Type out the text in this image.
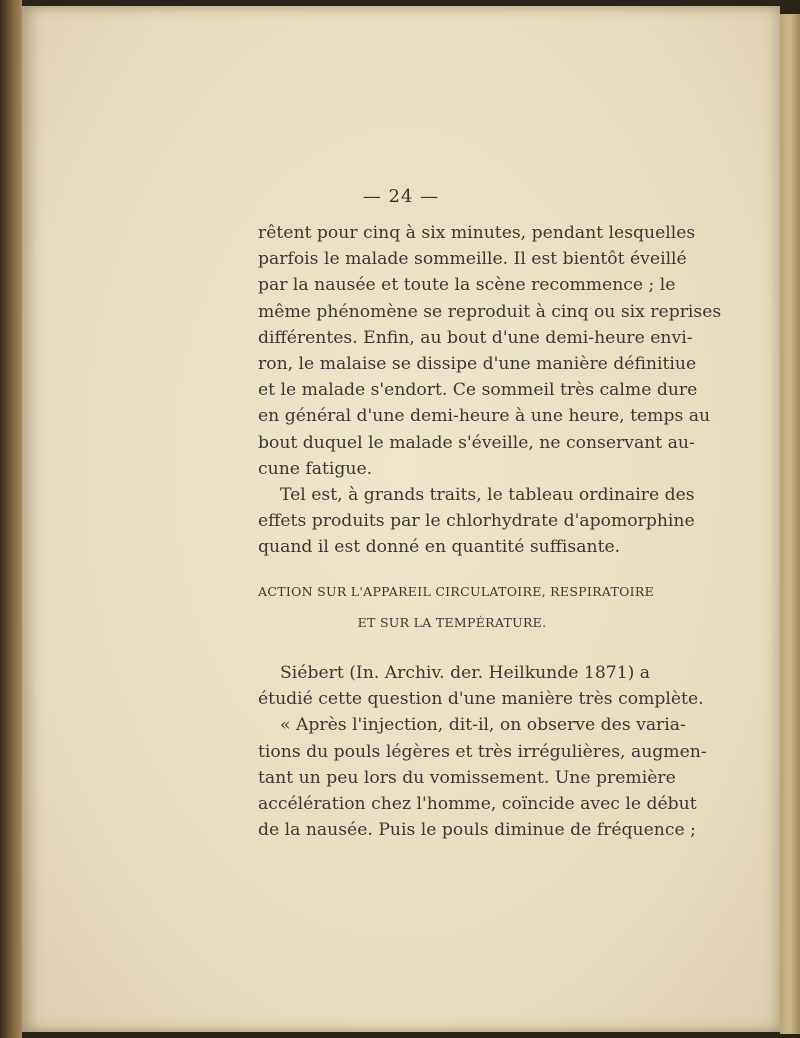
— 24 —
rêtent pour cinq à six minutes, pendant lesquelles
parfois le malade sommeille. Il est bientôt éveillé
par la nausée et toute la scène recommence ; le
même phénomène se reproduit à cinq ou six reprises
différentes. Enfin, au bout d'une demi-heure envi-
ron, le malaise se dissipe d'une manière définitiue
et le malade s'endort. Ce sommeil très calme dure
en général d'une demi-heure à une heure, temps au
bout duquel le malade s'éveille, ne conservant au-
cune fatigue.
Tel est, à grands traits, le tableau ordinaire des
effets produits par le chlorhydrate d'apomorphine
quand il est donné en quantité suffisante.
ACTION SUR L'APPAREIL CIRCULATOIRE, RESPIRATOIRE
ET SUR LA TEMPÉRATURE.
Siébert (In. Archiv. der. Heilkunde 1871) a
étudié cette question d'une manière très complète.
« Après l'injection, dit-il, on observe des varia-
tions du pouls légères et très irrégulières, augmen-
tant un peu lors du vomissement. Une première
accélération chez l'homme, coïncide avec le début
de la nausée. Puis le pouls diminue de fréquence ;
